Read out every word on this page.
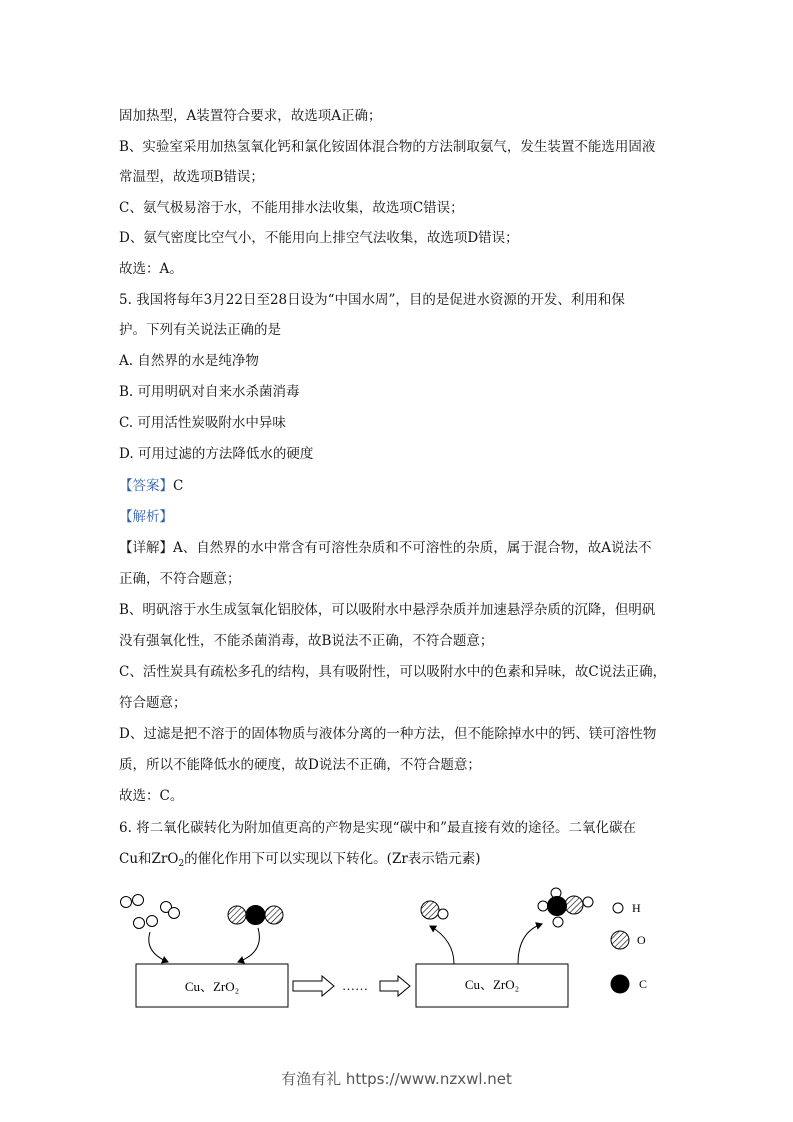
固加热型，A装置符合要求，故选项A正确；
B、实验室采用加热氢氧化钙和氯化铵固体混合物的方法制取氨气，发生装置不能选用固液
常温型，故选项B错误；
C、氨气极易溶于水，不能用排水法收集，故选项C错误；
D、氨气密度比空气小，不能用向上排空气法收集，故选项D错误；
故选：A。
5. 我国将每年3月22日至28日设为“中国水周”，目的是促进水资源的开发、利用和保
护。下列有关说法正确的是
A. 自然界的水是纯净物
B. 可用明矾对自来水杀菌消毒
C. 可用活性炭吸附水中异味
D. 可用过滤的方法降低水的硬度
【答案】C
【解析】
【详解】A、自然界的水中常含有可溶性杂质和不可溶性的杂质，属于混合物，故A说法不
正确，不符合题意；
B、明矾溶于水生成氢氧化铝胶体，可以吸附水中悬浮杂质并加速悬浮杂质的沉降，但明矾
没有强氧化性，不能杀菌消毒，故B说法不正确，不符合题意；
C、活性炭具有疏松多孔的结构，具有吸附性，可以吸附水中的色素和异味，故C说法正确，
符合题意；
D、过滤是把不溶于的固体物质与液体分离的一种方法，但不能除掉水中的钙、镁可溶性物
质，所以不能降低水的硬度，故D说法不正确，不符合题意；
故选：C。
6. 将二氧化碳转化为附加值更高的产物是实现“碳中和”最直接有效的途径。二氧化碳在
Cu和ZrO$_2$的催化作用下可以实现以下转化。(Zr表示锆元素)
Cu、ZrO₂	……	Cu、ZrO₂
H
O
C
有渔有礼 https://www.nzxwl.net
